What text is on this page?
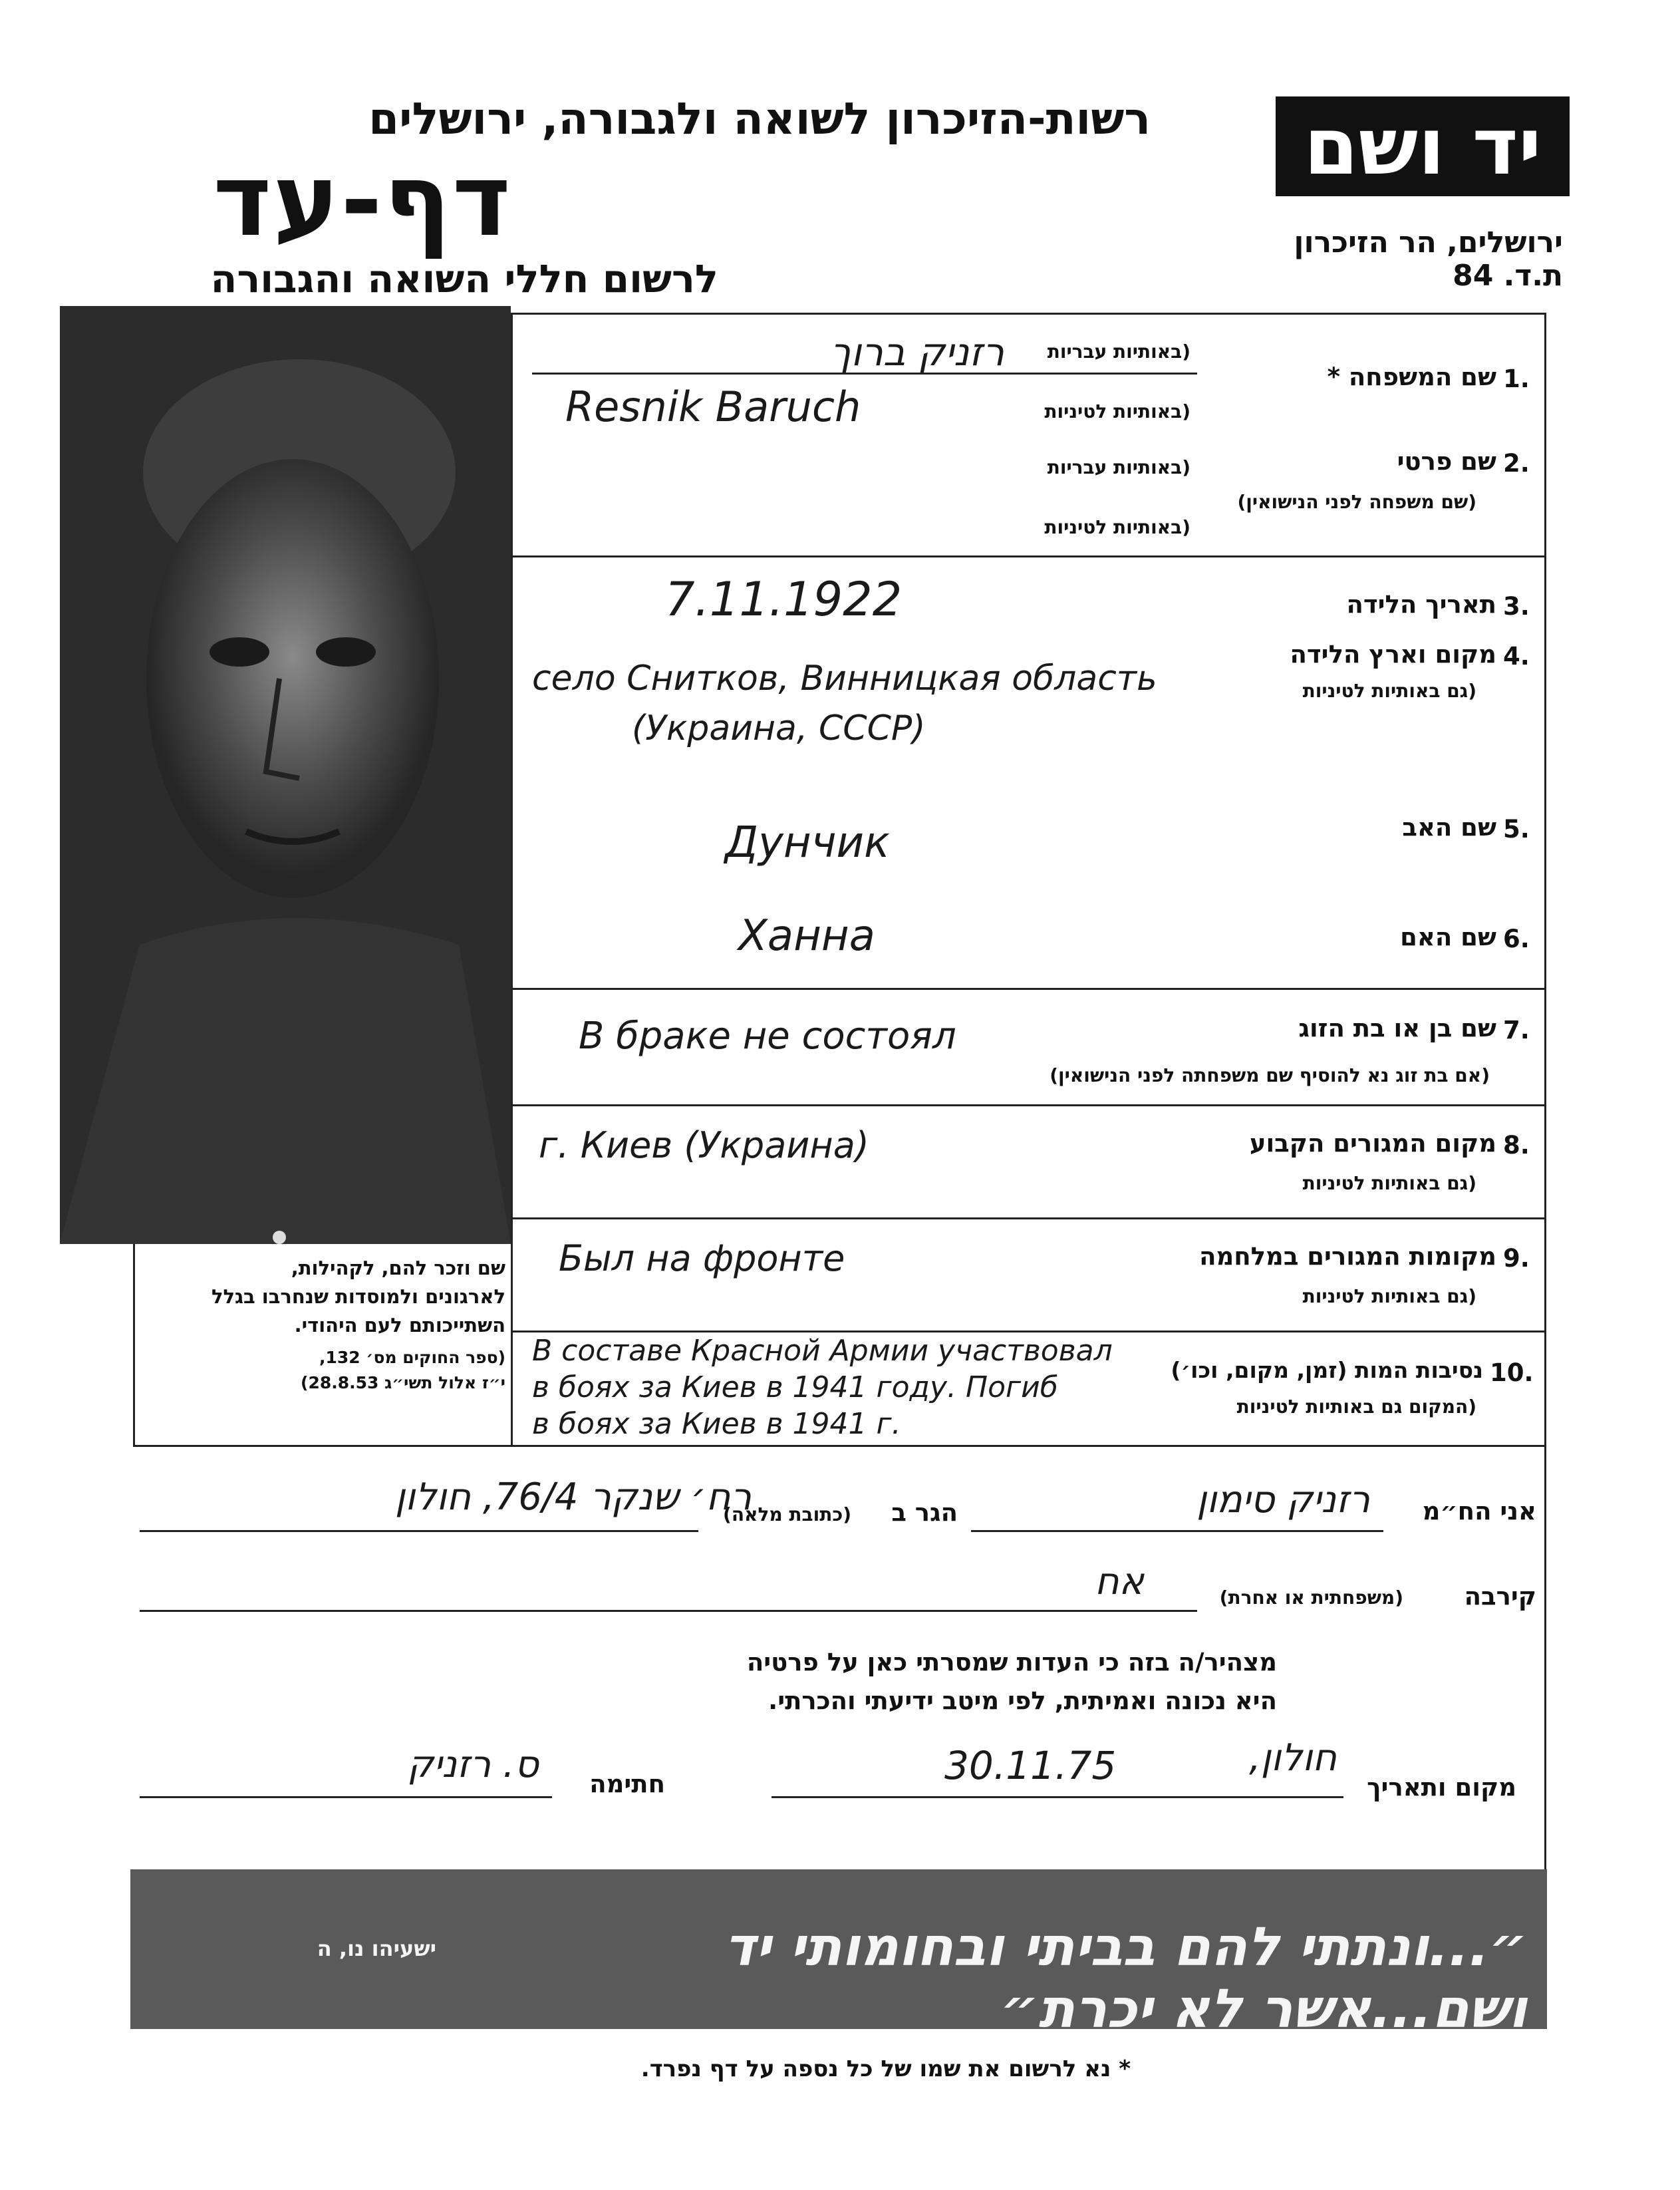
רשות-הזיכרון לשואה ולגבורה, ירושלים
דף-עד
לרשום חללי השואה והגבורה
יד ושם
ירושלים, הר הזיכרון
ת.ד. 84
שם וזכר להם, לקהילות,
לארגונים ולמוסדות שנחרבו בגלל
השתייכותם לעם היהודי.
(ספר החוקים מס׳ 132,
י״ז אלול תשי״ג 28.8.53)
1.
שם המשפחה *
(באותיות עבריות
(באותיות לטיניות
רזניק ברוך
Resnik Baruch
2.
שם פרטי
(שם משפחה לפני הנישואין)
(באותיות עבריות
(באותיות לטיניות
3.
תאריך הלידה
7.11.1922
4.
מקום וארץ הלידה
(גם באותיות לטיניות
село Снитков, Винницкая область
(Украина, СССР)
5.
שם האב
Дунчик
6.
שם האם
Ханна
7.
שם בן או בת הזוג
(אם בת זוג נא להוסיף שם משפחתה לפני הנישואין)
В браке не состоял
8.
מקום המגורים הקבוע
(גם באותיות לטיניות
г. Киев (Украина)
9.
מקומות המגורים במלחמה
(גם באותיות לטיניות
Был на фронте
10.
נסיבות המות (זמן, מקום, וכו׳)
(המקום גם באותיות לטיניות
В составе Красной Армии участвовал
в боях за Киев в 1941 году. Погиб
в боях за Киев в 1941 г.
אני הח״מ
רזניק סימון
הגר ב
(כתובת מלאה)
רח׳ שנקר 76/4, חולון
קירבה
(משפחתית או אחרת)
אח
מצהיר/ה בזה כי העדות שמסרתי כאן על פרטיה
היא נכונה ואמיתית, לפי מיטב ידיעתי והכרתי.
מקום ותאריך
חולון,
30.11.75
חתימה
ס. רזניק
״...ונתתי להם בביתי ובחומותי יד ושם...אשר לא יכרת״
ישעיהו נו, ה
* נא לרשום את שמו של כל נספה על דף נפרד.
